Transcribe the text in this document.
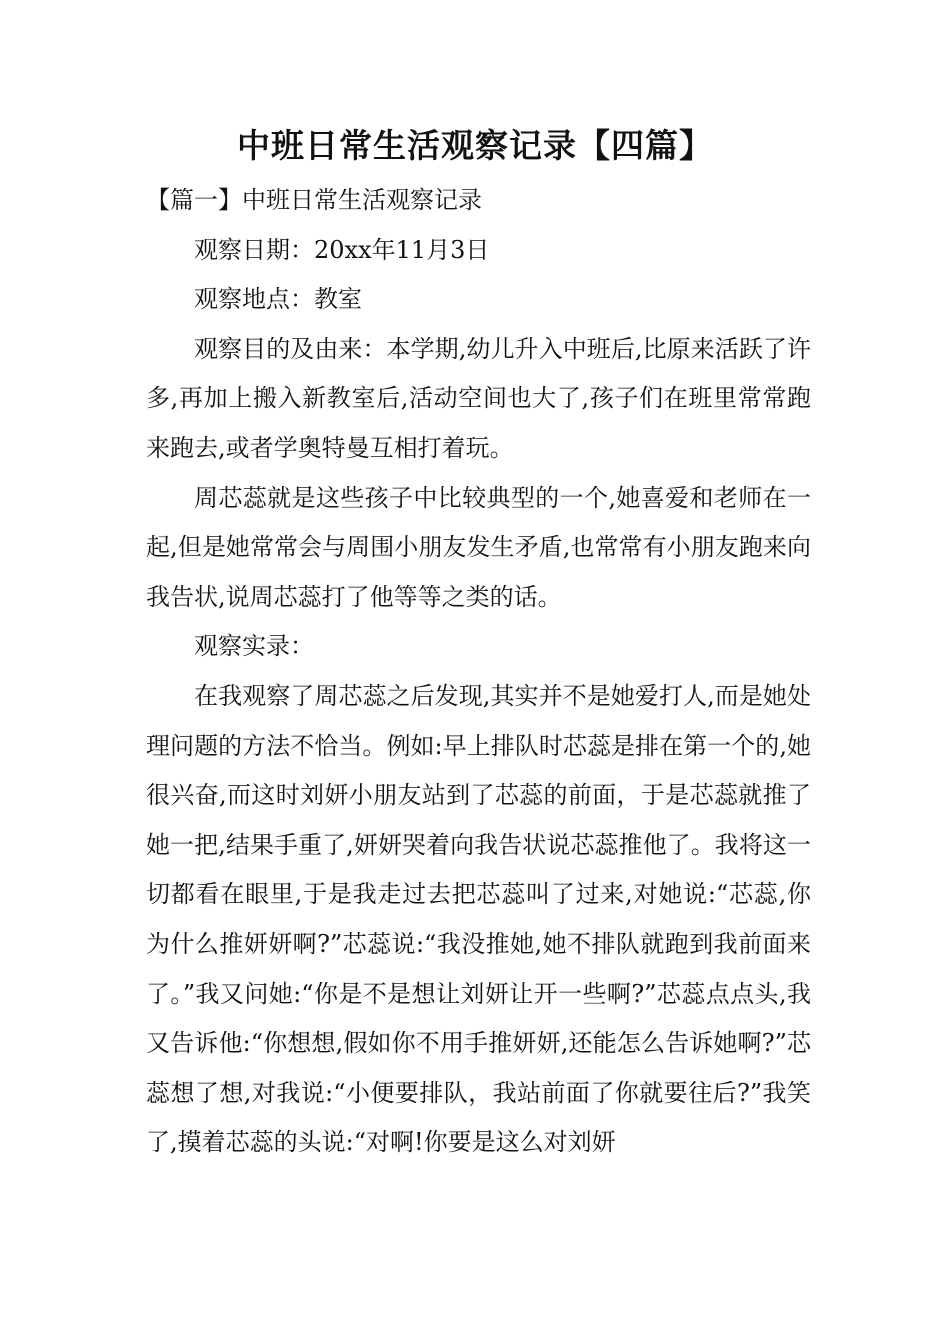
中班日常生活观察记录【四篇】

【篇一】中班日常生活观察记录

观察日期：20xx年11月3日

观察地点：教室

观察目的及由来：本学期,幼儿升入中班后,比原来活跃了许多,再加上搬入新教室后,活动空间也大了,孩子们在班里常常跑来跑去,或者学奥特曼互相打着玩。

周芯蕊就是这些孩子中比较典型的一个,她喜爱和老师在一起,但是她常常会与周围小朋友发生矛盾,也常常有小朋友跑来向我告状,说周芯蕊打了他等等之类的话。

观察实录：

在我观察了周芯蕊之后发现,其实并不是她爱打人,而是她处理问题的方法不恰当。例如:早上排队时芯蕊是排在第一个的,她很兴奋,而这时刘妍小朋友站到了芯蕊的前面，于是芯蕊就推了她一把,结果手重了,妍妍哭着向我告状说芯蕊推他了。我将这一切都看在眼里,于是我走过去把芯蕊叫了过来,对她说:“芯蕊,你为什么推妍妍啊?”芯蕊说:“我没推她,她不排队就跑到我前面来了。”我又问她:“你是不是想让刘妍让开一些啊?”芯蕊点点头,我又告诉他:“你想想,假如你不用手推妍妍,还能怎么告诉她啊?”芯蕊想了想,对我说:“小便要排队，我站前面了你就要往后?”我笑了,摸着芯蕊的头说:“对啊!你要是这么对刘妍
